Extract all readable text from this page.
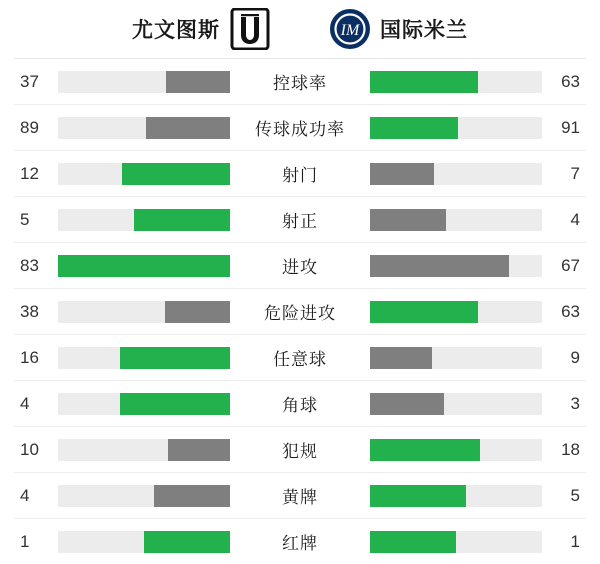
尤文图斯	IM 国际米兰
37	控球率	63
89	传球成功率	91
12	射门	7
5	射正	4
83	进攻	67
38	危险进攻	63
16	任意球	9
4	角球	3
10	犯规	18
4	黄牌	5
1	红牌	1
